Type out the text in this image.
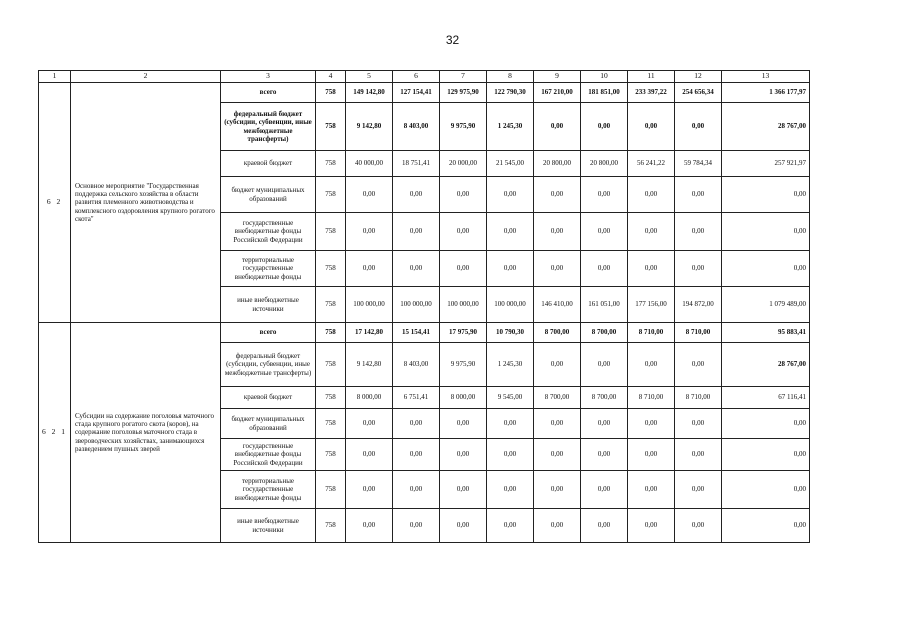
32
1	2	3	4	5	6	7	8	9	10	11	12	13
6 2	Основное мероприятие "Государственная поддержка сельского хозяйства в области развития племенного животноводства и комплексного оздоровления крупного рогатого скота"	всего	758	149 142,80	127 154,41	129 975,90	122 790,30	167 210,00	181 851,00	233 397,22	254 656,34	1 366 177,97
		федеральный бюджет (субсидии, субвенции, иные межбюджетные трансферты)	758	9 142,80	8 403,00	9 975,90	1 245,30	0,00	0,00	0,00	0,00	28 767,00
		краевой бюджет	758	40 000,00	18 751,41	20 000,00	21 545,00	20 800,00	20 800,00	56 241,22	59 784,34	257 921,97
		бюджет муниципальных образований	758	0,00	0,00	0,00	0,00	0,00	0,00	0,00	0,00	0,00
		государственные внебюджетные фонды Российской Федерации	758	0,00	0,00	0,00	0,00	0,00	0,00	0,00	0,00	0,00
		территориальные государственные внебюджетные фонды	758	0,00	0,00	0,00	0,00	0,00	0,00	0,00	0,00	0,00
		иные внебюджетные источники	758	100 000,00	100 000,00	100 000,00	100 000,00	146 410,00	161 051,00	177 156,00	194 872,00	1 079 489,00
6 2 1	Субсидии на содержание поголовья маточного стада крупного рогатого скота (коров), на содержание поголовья маточного стада в звероводческих хозяйствах, занимающихся разведением пушных зверей	всего	758	17 142,80	15 154,41	17 975,90	10 790,30	8 700,00	8 700,00	8 710,00	8 710,00	95 883,41
		федеральный бюджет (субсидии, субвенции, иные межбюджетные трансферты)	758	9 142,80	8 403,00	9 975,90	1 245,30	0,00	0,00	0,00	0,00	28 767,00
		краевой бюджет	758	8 000,00	6 751,41	8 000,00	9 545,00	8 700,00	8 700,00	8 710,00	8 710,00	67 116,41
		бюджет муниципальных образований	758	0,00	0,00	0,00	0,00	0,00	0,00	0,00	0,00	0,00
		государственные внебюджетные фонды Российской Федерации	758	0,00	0,00	0,00	0,00	0,00	0,00	0,00	0,00	0,00
		территориальные государственные внебюджетные фонды	758	0,00	0,00	0,00	0,00	0,00	0,00	0,00	0,00	0,00
		иные внебюджетные источники	758	0,00	0,00	0,00	0,00	0,00	0,00	0,00	0,00	0,00
